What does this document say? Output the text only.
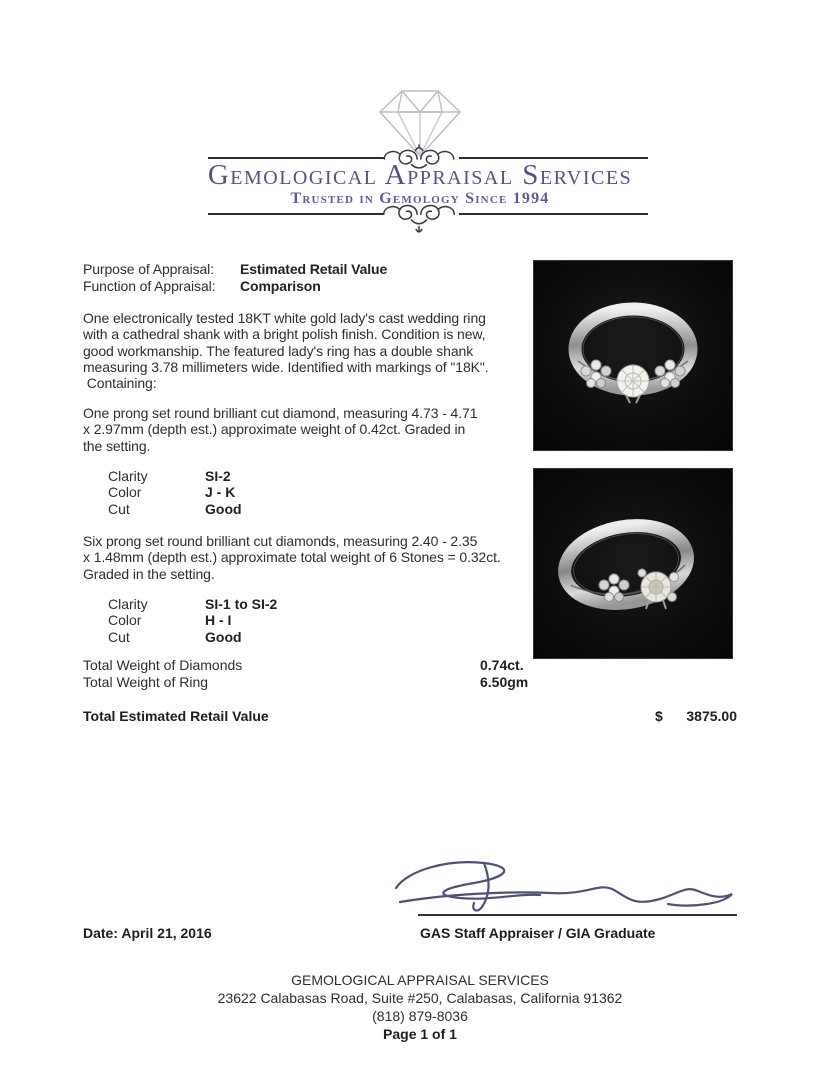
Gemological Appraisal Services
Trusted in Gemology Since 1994
Purpose of Appraisal: Estimated Retail Value
Function of Appraisal: Comparison
One electronically tested 18KT white gold lady's cast wedding ring
with a cathedral shank with a bright polish finish. Condition is new,
good workmanship. The featured lady's ring has a double shank
measuring 3.78 millimeters wide. Identified with markings of "18K".
Containing:
One prong set round brilliant cut diamond, measuring 4.73 - 4.71
x 2.97mm (depth est.) approximate weight of 0.42ct. Graded in
the setting.
Clarity	SI-2
Color	J - K
Cut	Good
Six prong set round brilliant cut diamonds, measuring 2.40 - 2.35
x 1.48mm (depth est.) approximate total weight of 6 Stones = 0.32ct.
Graded in the setting.
Clarity	SI-1 to SI-2
Color	H - I
Cut	Good
Total Weight of Diamonds	0.74ct.
Total Weight of Ring	6.50gm
Total Estimated Retail Value	$	3875.00
Date: April 21, 2016	GAS Staff Appraiser / GIA Graduate
GEMOLOGICAL APPRAISAL SERVICES
23622 Calabasas Road, Suite #250, Calabasas, California 91362
(818) 879-8036
Page 1 of 1
